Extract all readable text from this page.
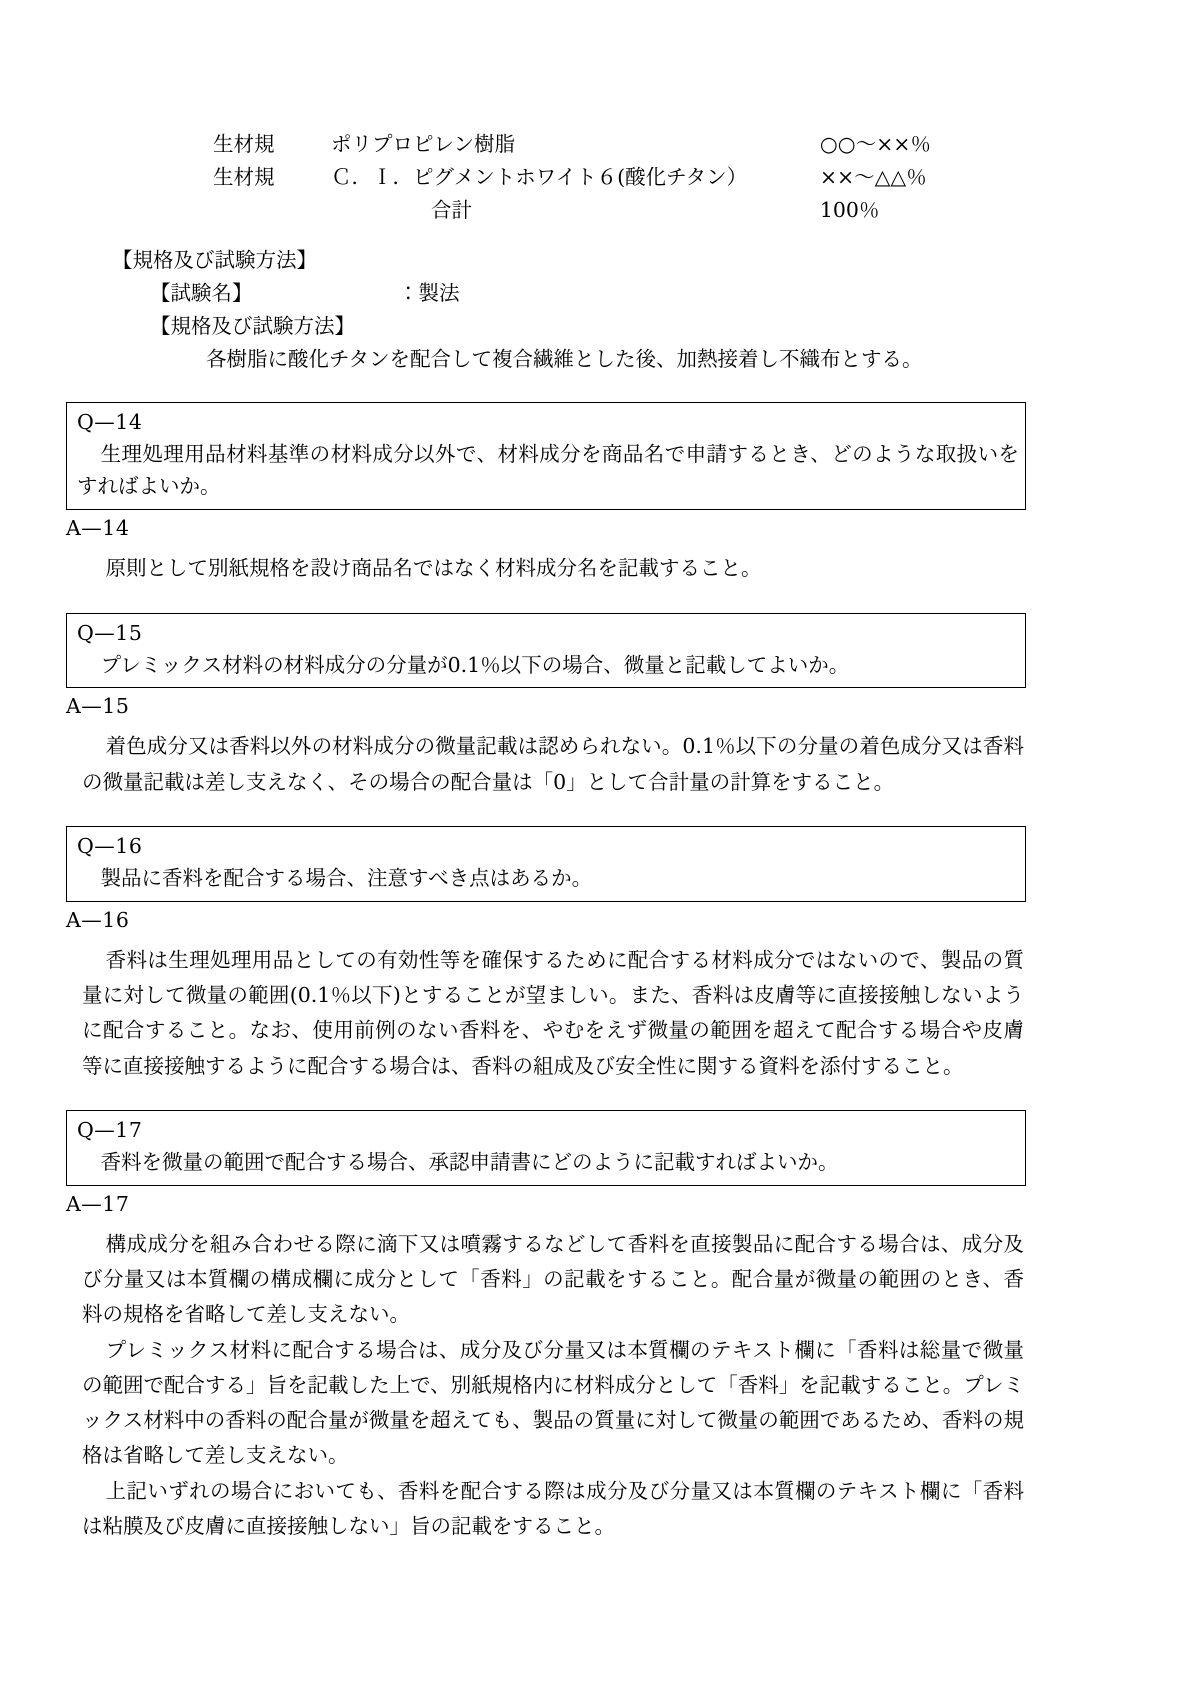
生材規	ポリプロピレン樹脂	○○～××％
生材規	Ｃ．Ｉ．ピグメントホワイト６(酸化チタン）	××～△△％
	合計	100％
【規格及び試験方法】
【試験名】	：製法
【規格及び試験方法】
各樹脂に酸化チタンを配合して複合繊維とした後、加熱接着し不織布とする。
Q—14
生理処理用品材料基準の材料成分以外で、材料成分を商品名で申請するとき、どのような取扱いをすればよいか。
A—14

原則として別紙規格を設け商品名ではなく材料成分名を記載すること。

Q—15
プレミックス材料の材料成分の分量が0.1％以下の場合、微量と記載してよいか。
A—15

着色成分又は香料以外の材料成分の微量記載は認められない。0.1％以下の分量の着色成分又は香料の微量記載は差し支えなく、その場合の配合量は「0」として合計量の計算をすること。

Q—16
製品に香料を配合する場合、注意すべき点はあるか。
A—16

香料は生理処理用品としての有効性等を確保するために配合する材料成分ではないので、製品の質量に対して微量の範囲(0.1％以下)とすることが望ましい。また、香料は皮膚等に直接接触しないように配合すること。なお、使用前例のない香料を、やむをえず微量の範囲を超えて配合する場合や皮膚等に直接接触するように配合する場合は、香料の組成及び安全性に関する資料を添付すること。

Q—17
香料を微量の範囲で配合する場合、承認申請書にどのように記載すればよいか。
A—17

構成成分を組み合わせる際に滴下又は噴霧するなどして香料を直接製品に配合する場合は、成分及び分量又は本質欄の構成欄に成分として「香料」の記載をすること。配合量が微量の範囲のとき、香料の規格を省略して差し支えない。

プレミックス材料に配合する場合は、成分及び分量又は本質欄のテキスト欄に「香料は総量で微量の範囲で配合する」旨を記載した上で、別紙規格内に材料成分として「香料」を記載すること。プレミックス材料中の香料の配合量が微量を超えても、製品の質量に対して微量の範囲であるため、香料の規格は省略して差し支えない。

上記いずれの場合においても、香料を配合する際は成分及び分量又は本質欄のテキスト欄に「香料は粘膜及び皮膚に直接接触しない」旨の記載をすること。
